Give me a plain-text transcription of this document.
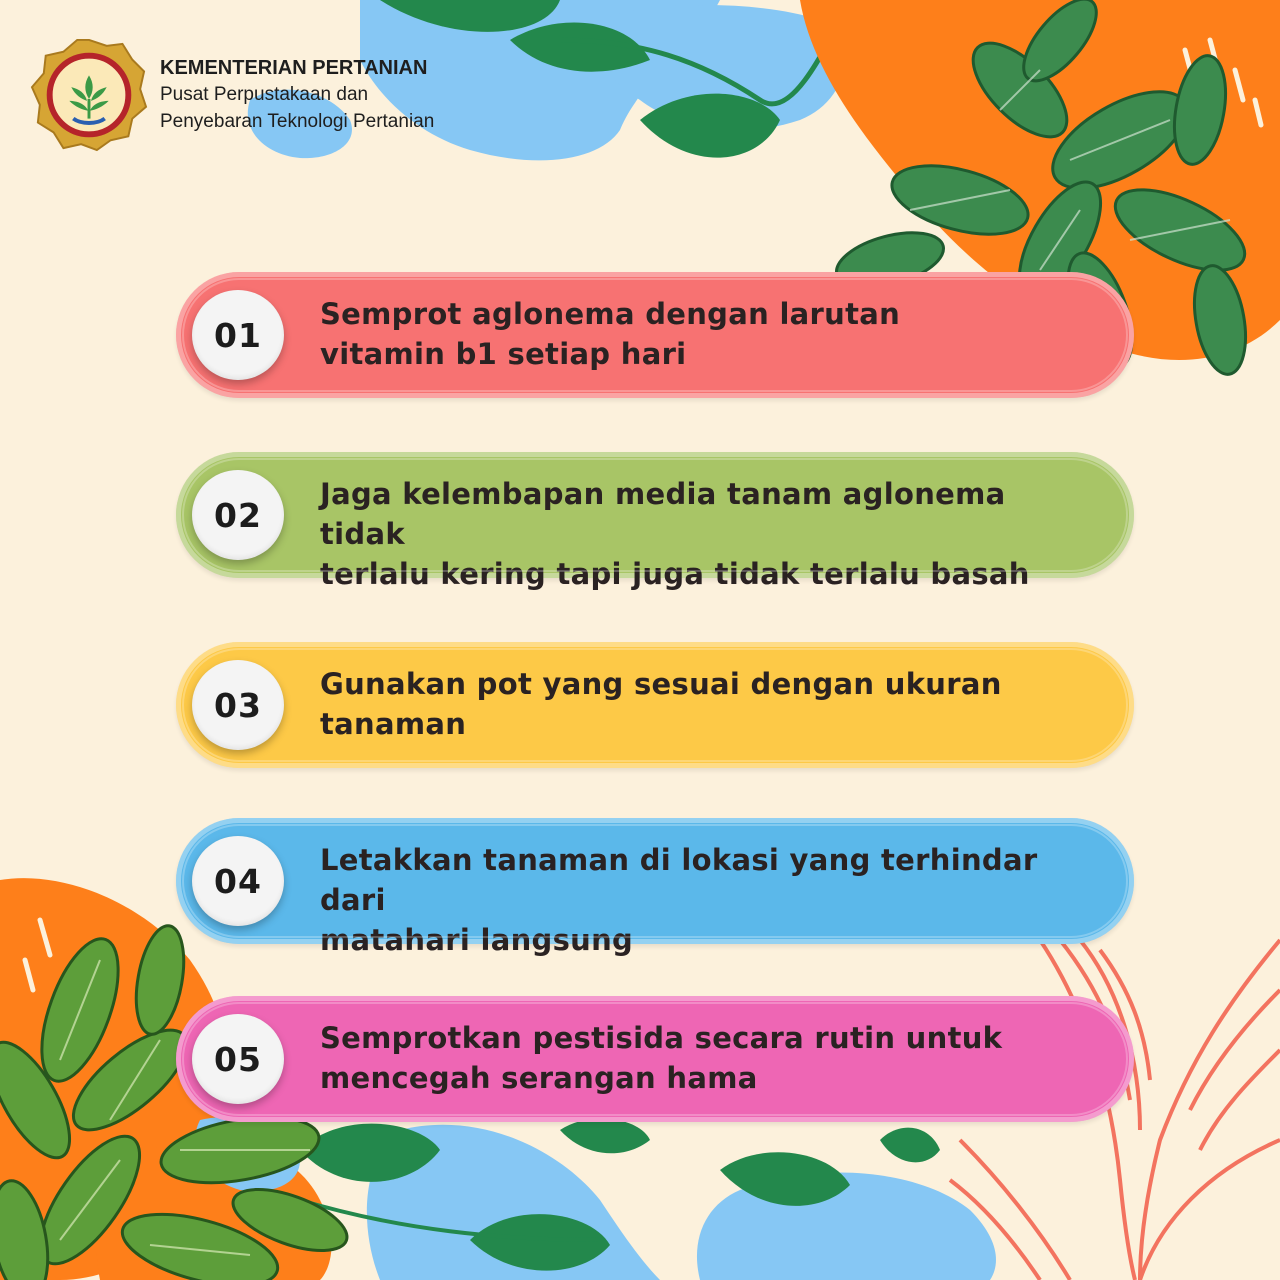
KEMENTERIAN PERTANIAN
Pusat Perpustakaan dan
Penyebaran Teknologi Pertanian
01
Semprot aglonema dengan larutan
vitamin b1 setiap hari
02
Jaga kelembapan media tanam aglonema tidak
terlalu kering tapi juga tidak terlalu basah
03
Gunakan pot yang sesuai dengan ukuran
tanaman
04
Letakkan tanaman di lokasi yang terhindar dari
matahari langsung
05
Semprotkan pestisida secara rutin untuk
mencegah serangan hama
